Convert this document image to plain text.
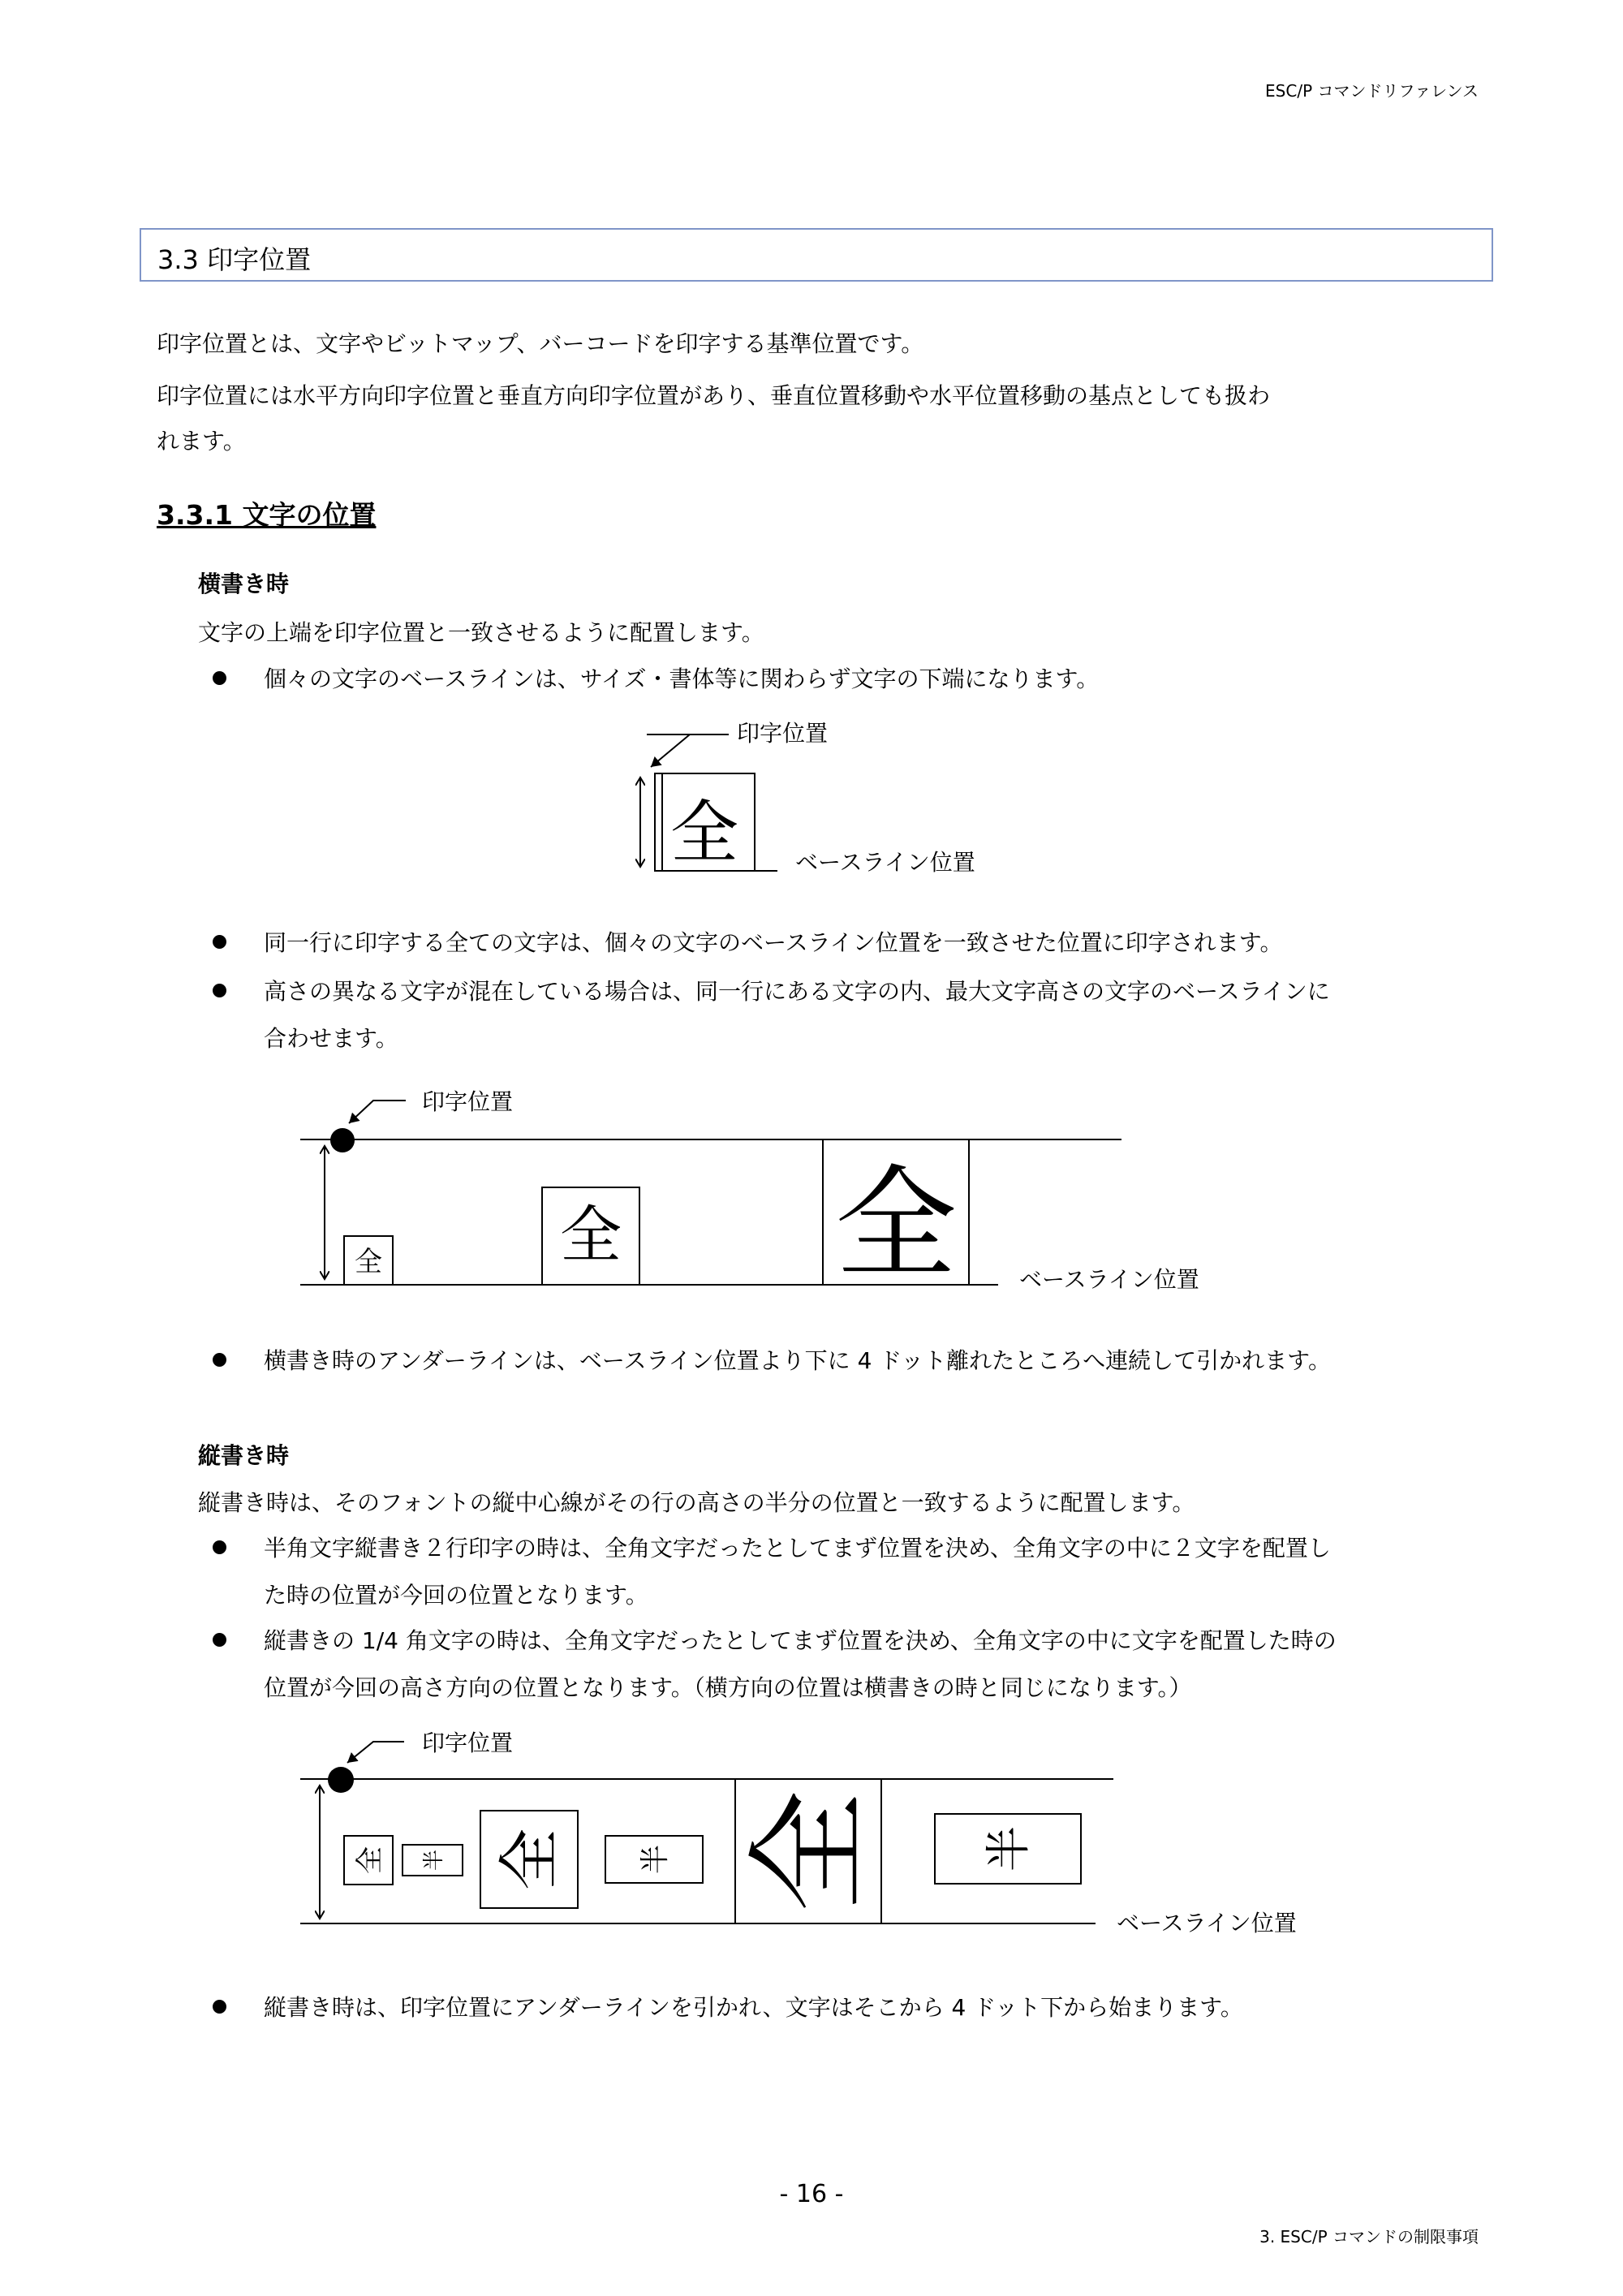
ESC/P コマンドリファレンス
3.3 印字位置
印字位置とは、文字やビットマップ、バーコードを印字する基準位置です。
印字位置には水平方向印字位置と垂直方向印字位置があり、垂直位置移動や水平位置移動の基点としても扱わ
れます。
3.3.1 文字の位置
横書き時
文字の上端を印字位置と一致させるように配置します。
個々の文字のベースラインは、サイズ・書体等に関わらず文字の下端になります。
全
印字位置
ベースライン位置
同一行に印字する全ての文字は、個々の文字のベースライン位置を一致させた位置に印字されます。
高さの異なる文字が混在している場合は、同一行にある文字の内、最大文字高さの文字のベースラインに
合わせます。
全	全 全
印字位置
ベースライン位置
横書き時のアンダーラインは、ベースライン位置より下に 4 ドット離れたところへ連続して引かれます。
縦書き時
縦書き時は、そのフォントの縦中心線がその行の高さの半分の位置と一致するように配置します。
半角文字縦書き２行印字の時は、全角文字だったとしてまず位置を決め、全角文字の中に２文字を配置し
た時の位置が今回の位置となります。
縦書きの 1/4 角文字の時は、全角文字だったとしてまず位置を決め、全角文字の中に文字を配置した時の
位置が今回の高さ方向の位置となります。（横方向の位置は横書きの時と同じになります。）
全 半 全	半 全 半
印字位置
ベースライン位置
縦書き時は、印字位置にアンダーラインを引かれ、文字はそこから 4 ドット下から始まります。
- 16 -
3. ESC/P コマンドの制限事項
